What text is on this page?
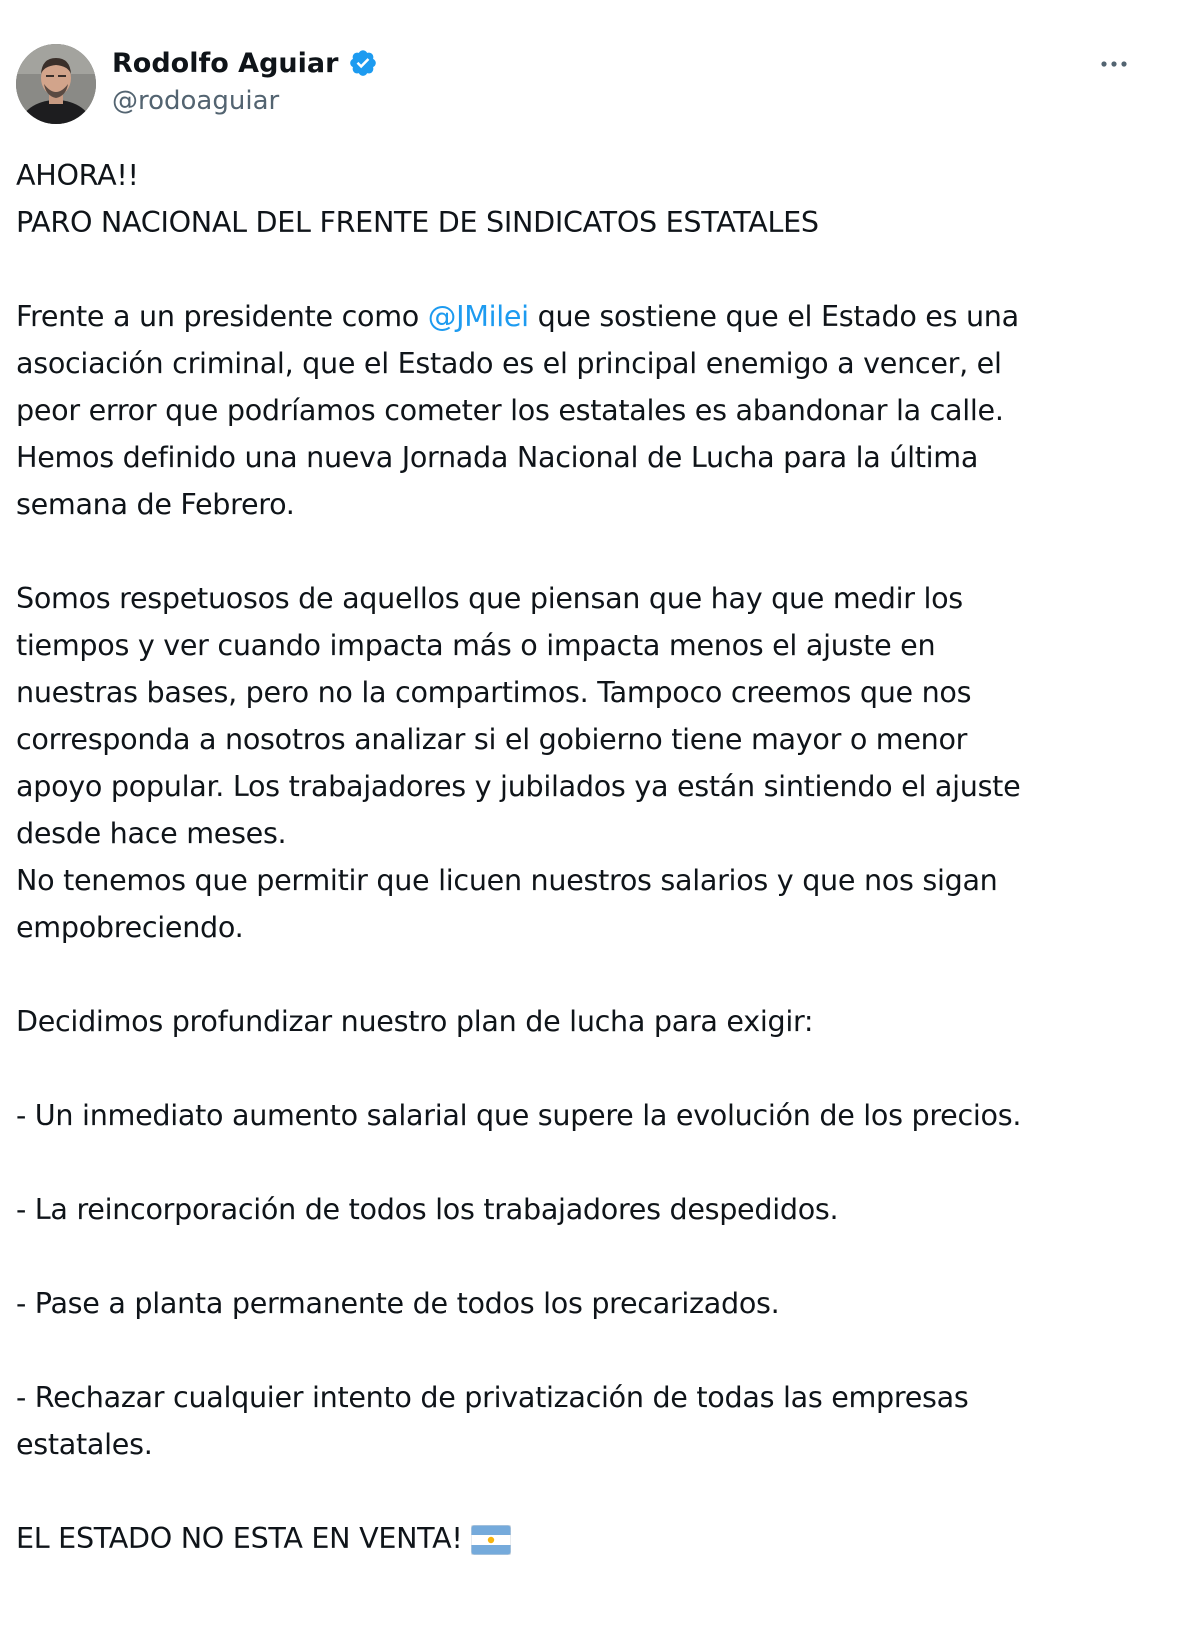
Rodolfo Aguiar
@rodoaguiar
AHORA!!
PARO NACIONAL DEL FRENTE DE SINDICATOS ESTATALES
Frente a un presidente como @JMilei que sostiene que el Estado es una
asociación criminal, que el Estado es el principal enemigo a vencer, el
peor error que podríamos cometer los estatales es abandonar la calle.
Hemos definido una nueva Jornada Nacional de Lucha para la última
semana de Febrero.
Somos respetuosos de aquellos que piensan que hay que medir los
tiempos y ver cuando impacta más o impacta menos el ajuste en
nuestras bases, pero no la compartimos. Tampoco creemos que nos
corresponda a nosotros analizar si el gobierno tiene mayor o menor
apoyo popular. Los trabajadores y jubilados ya están sintiendo el ajuste
desde hace meses.
No tenemos que permitir que licuen nuestros salarios y que nos sigan
empobreciendo.
Decidimos profundizar nuestro plan de lucha para exigir:
- Un inmediato aumento salarial que supere la evolución de los precios.
- La reincorporación de todos los trabajadores despedidos.
- Pase a planta permanente de todos los precarizados.
- Rechazar cualquier intento de privatización de todas las empresas
estatales.
EL ESTADO NO ESTA EN VENTA!
